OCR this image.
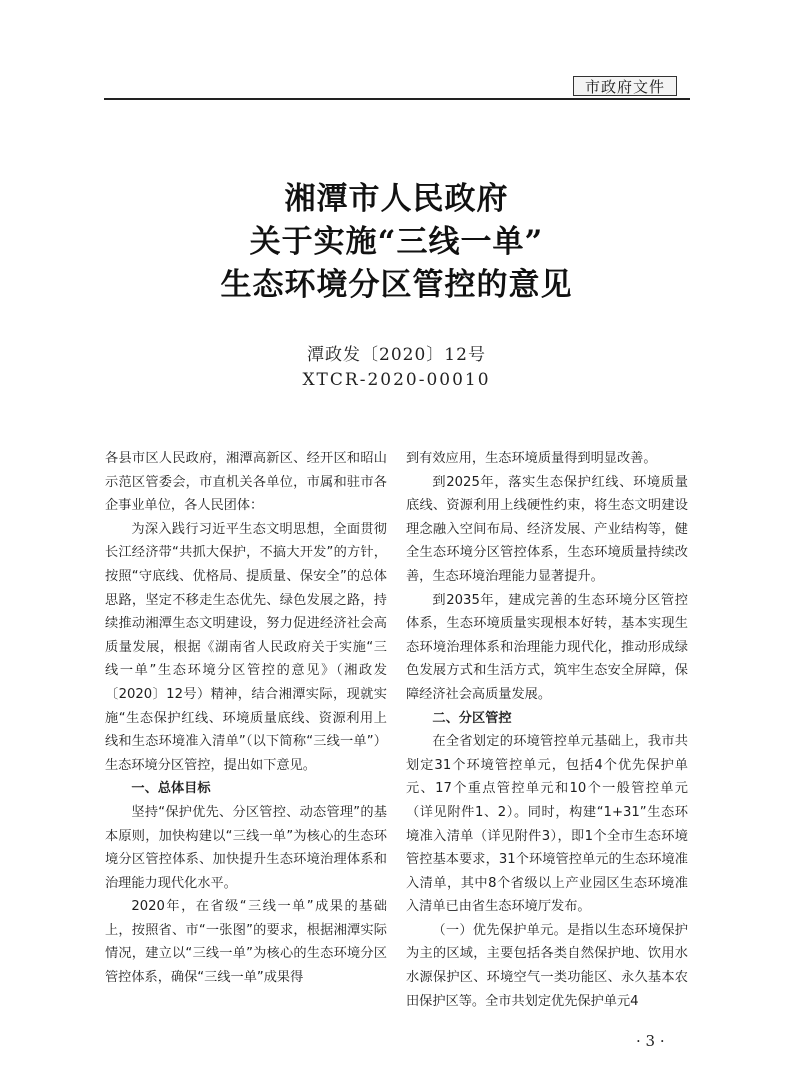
市政府文件
湘潭市人民政府
关于实施“三线一单”
生态环境分区管控的意见
潭政发〔2020〕12号
XTCR-2020-00010

各县市区人民政府，湘潭高新区、经开区和昭山示范区管委会，市直机关各单位，市属和驻市各企事业单位，各人民团体：

为深入践行习近平生态文明思想，全面贯彻长江经济带“共抓大保护，不搞大开发”的方针，按照“守底线、优格局、提质量、保安全”的总体思路，坚定不移走生态优先、绿色发展之路，持续推动湘潭生态文明建设，努力促进经济社会高质量发展，根据《湖南省人民政府关于实施“三线一单”生态环境分区管控的意见》（湘政发〔2020〕12号）精神，结合湘潭实际，现就实施“生态保护红线、环境质量底线、资源利用上线和生态环境准入清单”（以下简称“三线一单”）生态环境分区管控，提出如下意见。

一、总体目标

坚持“保护优先、分区管控、动态管理”的基本原则，加快构建以“三线一单”为核心的生态环境分区管控体系、加快提升生态环境治理体系和治理能力现代化水平。

2020年，在省级“三线一单”成果的基础上，按照省、市“一张图”的要求，根据湘潭实际情况，建立以“三线一单”为核心的生态环境分区管控体系，确保“三线一单”成果得

到有效应用，生态环境质量得到明显改善。

到2025年，落实生态保护红线、环境质量底线、资源利用上线硬性约束，将生态文明建设理念融入空间布局、经济发展、产业结构等，健全生态环境分区管控体系，生态环境质量持续改善，生态环境治理能力显著提升。

到2035年，建成完善的生态环境分区管控体系，生态环境质量实现根本好转，基本实现生态环境治理体系和治理能力现代化，推动形成绿色发展方式和生活方式，筑牢生态安全屏障，保障经济社会高质量发展。

二、分区管控

在全省划定的环境管控单元基础上，我市共划定31个环境管控单元，包括4个优先保护单元、17个重点管控单元和10个一般管控单元（详见附件1、2）。同时，构建“1+31”生态环境准入清单（详见附件3），即1个全市生态环境管控基本要求，31个环境管控单元的生态环境准入清单，其中8个省级以上产业园区生态环境准入清单已由省生态环境厅发布。

（一）优先保护单元。是指以生态环境保护为主的区域，主要包括各类自然保护地、饮用水水源保护区、环境空气一类功能区、永久基本农田保护区等。全市共划定优先保护单元4

· 3 ·
